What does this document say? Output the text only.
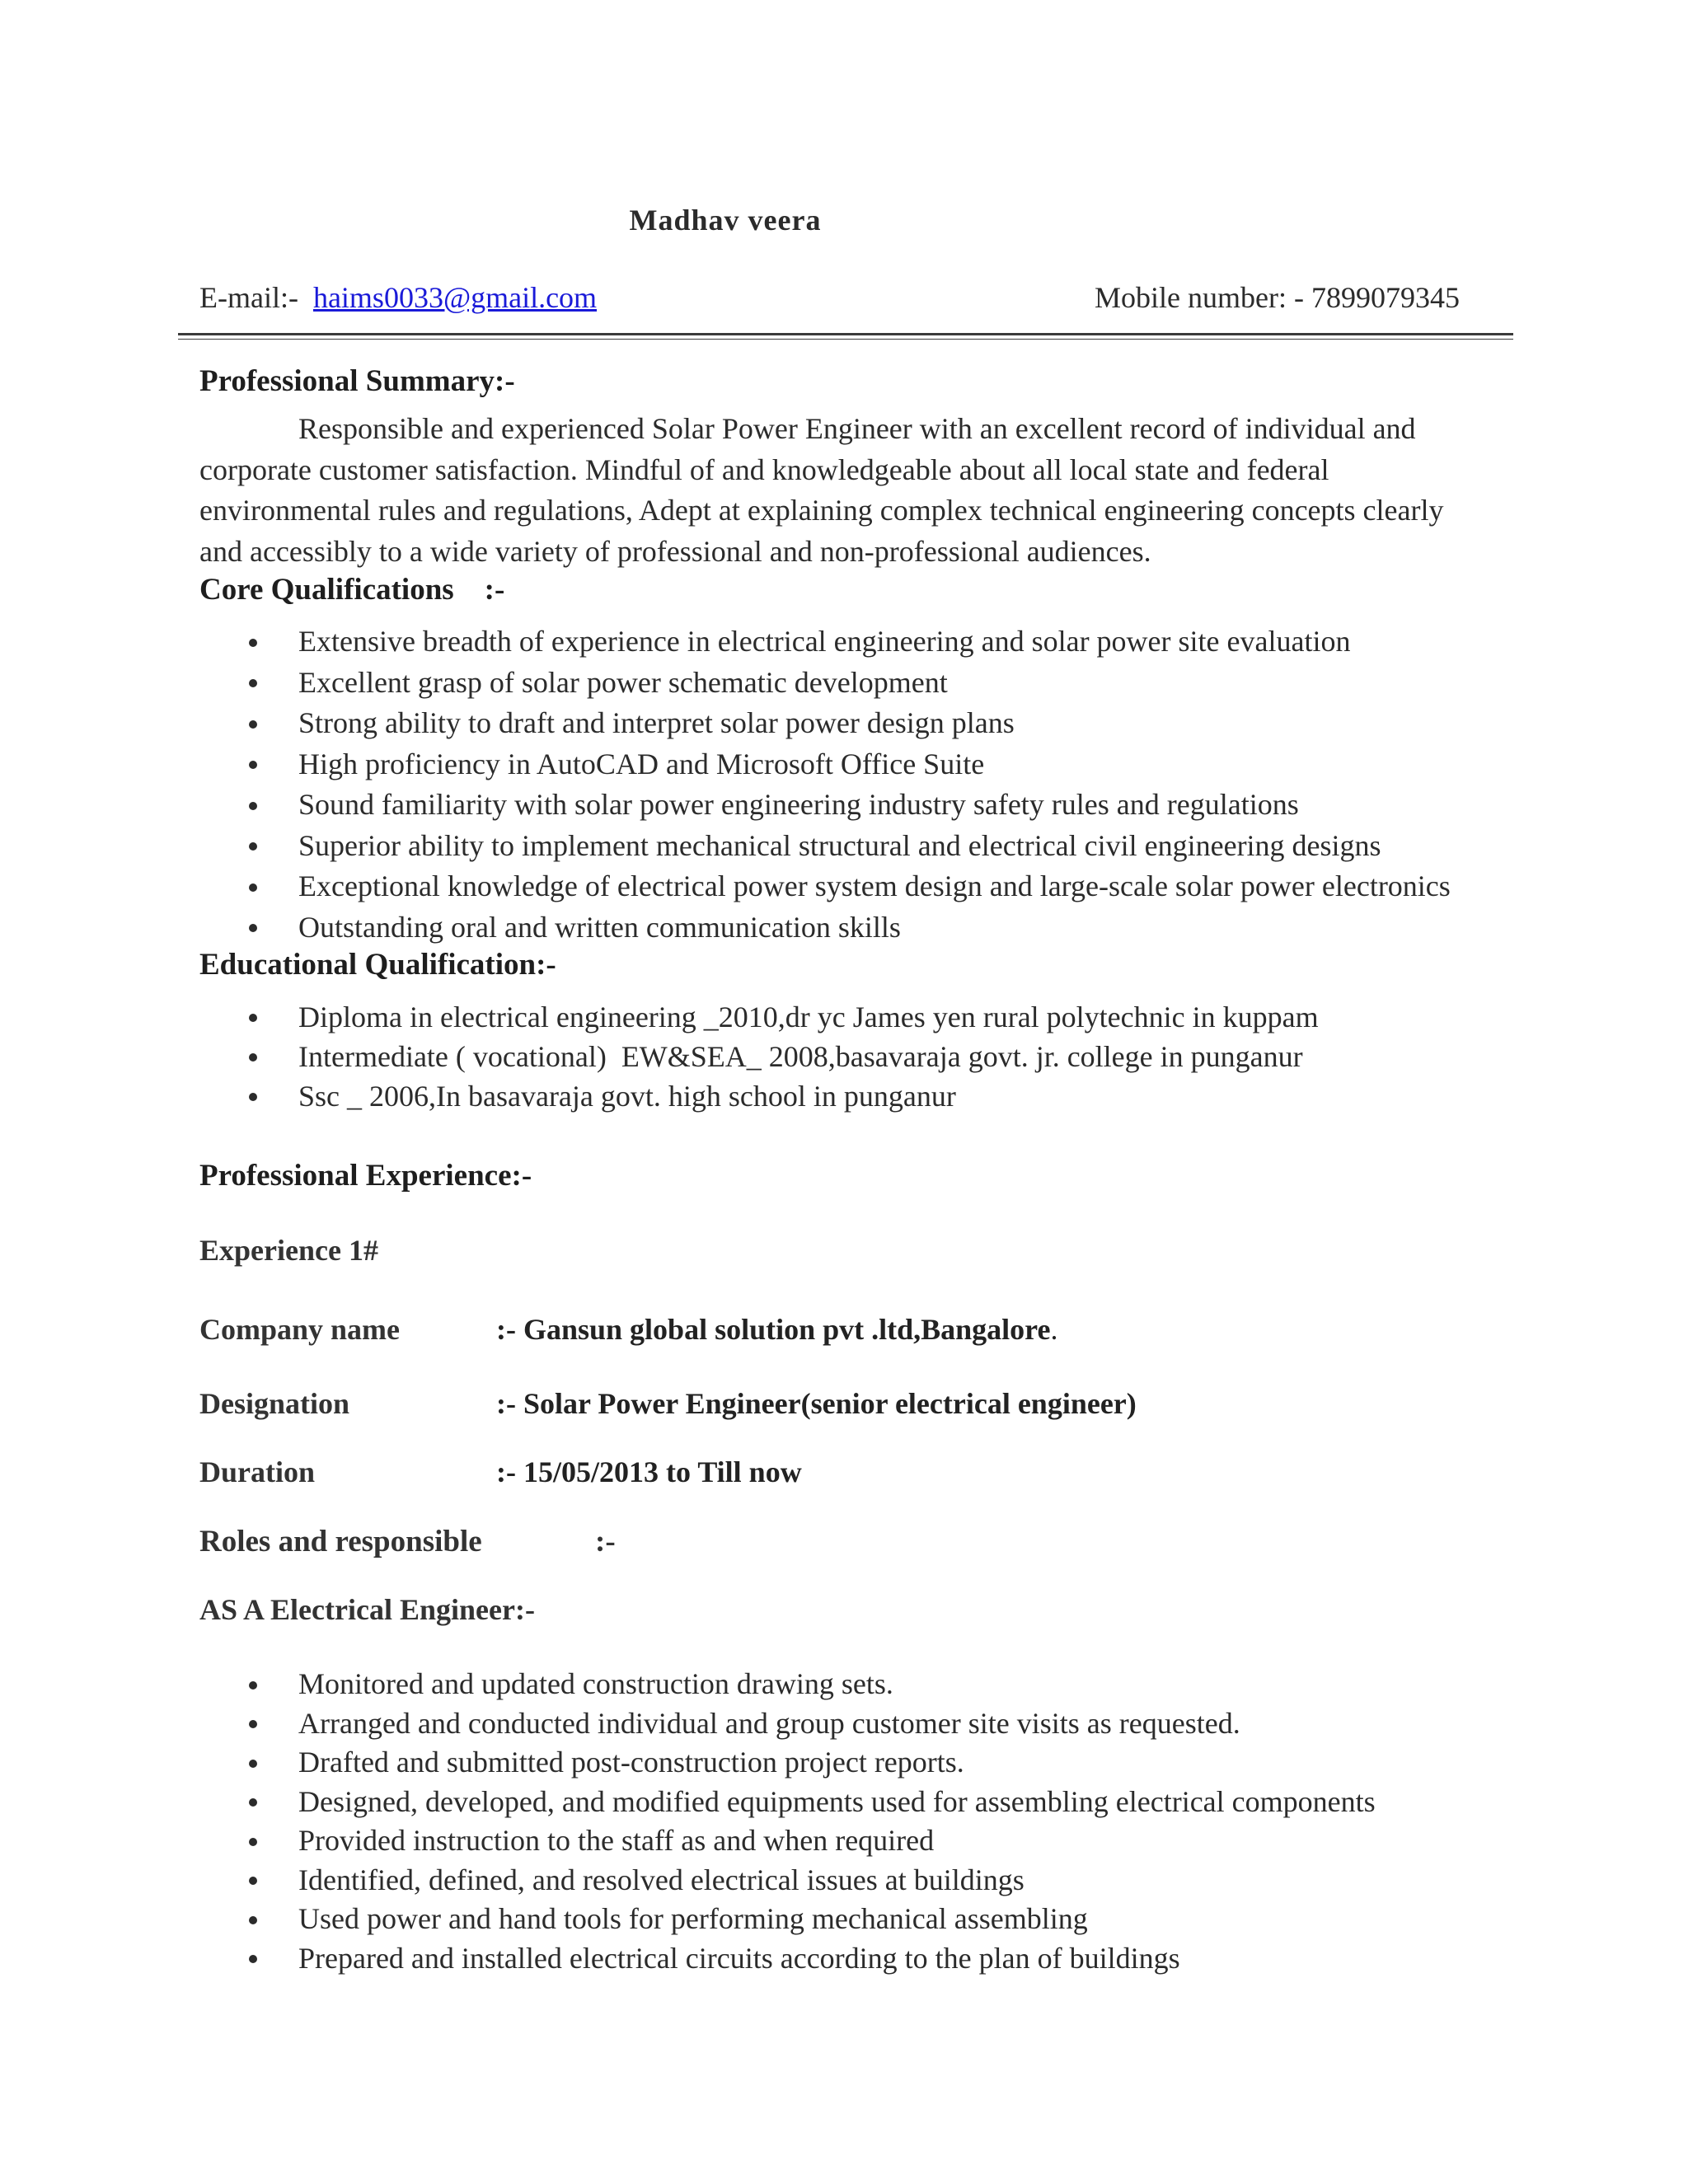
Madhav veera
E-mail:- haims0033@gmail.com	Mobile number: - 7899079345
Professional Summary:-
Responsible and experienced Solar Power Engineer with an excellent record of individual and
corporate customer satisfaction. Mindful of and knowledgeable about all local state and federal
environmental rules and regulations, Adept at explaining complex technical engineering concepts clearly
and accessibly to a wide variety of professional and non-professional audiences.
Core Qualifications    :-
Extensive breadth of experience in electrical engineering and solar power site evaluation
Excellent grasp of solar power schematic development
Strong ability to draft and interpret solar power design plans
High proficiency in AutoCAD and Microsoft Office Suite
Sound familiarity with solar power engineering industry safety rules and regulations
Superior ability to implement mechanical structural and electrical civil engineering designs
Exceptional knowledge of electrical power system design and large-scale solar power electronics
Outstanding oral and written communication skills
Educational Qualification:-
Diploma in electrical engineering _2010,dr yc James yen rural polytechnic in kuppam
Intermediate ( vocational)  EW&SEA_ 2008,basavaraja govt. jr. college in punganur
Ssc _ 2006,In basavaraja govt. high school in punganur
Professional Experience:-
Experience 1#
Company name	:- Gansun global solution pvt .ltd,Bangalore.
Designation	:- Solar Power Engineer(senior electrical engineer)
Duration	:- 15/05/2013 to Till now
Roles and responsible	:-
AS A Electrical Engineer:-
Monitored and updated construction drawing sets.
Arranged and conducted individual and group customer site visits as requested.
Drafted and submitted post-construction project reports.
Designed, developed, and modified equipments used for assembling electrical components
Provided instruction to the staff as and when required
Identified, defined, and resolved electrical issues at buildings
Used power and hand tools for performing mechanical assembling
Prepared and installed electrical circuits according to the plan of buildings
